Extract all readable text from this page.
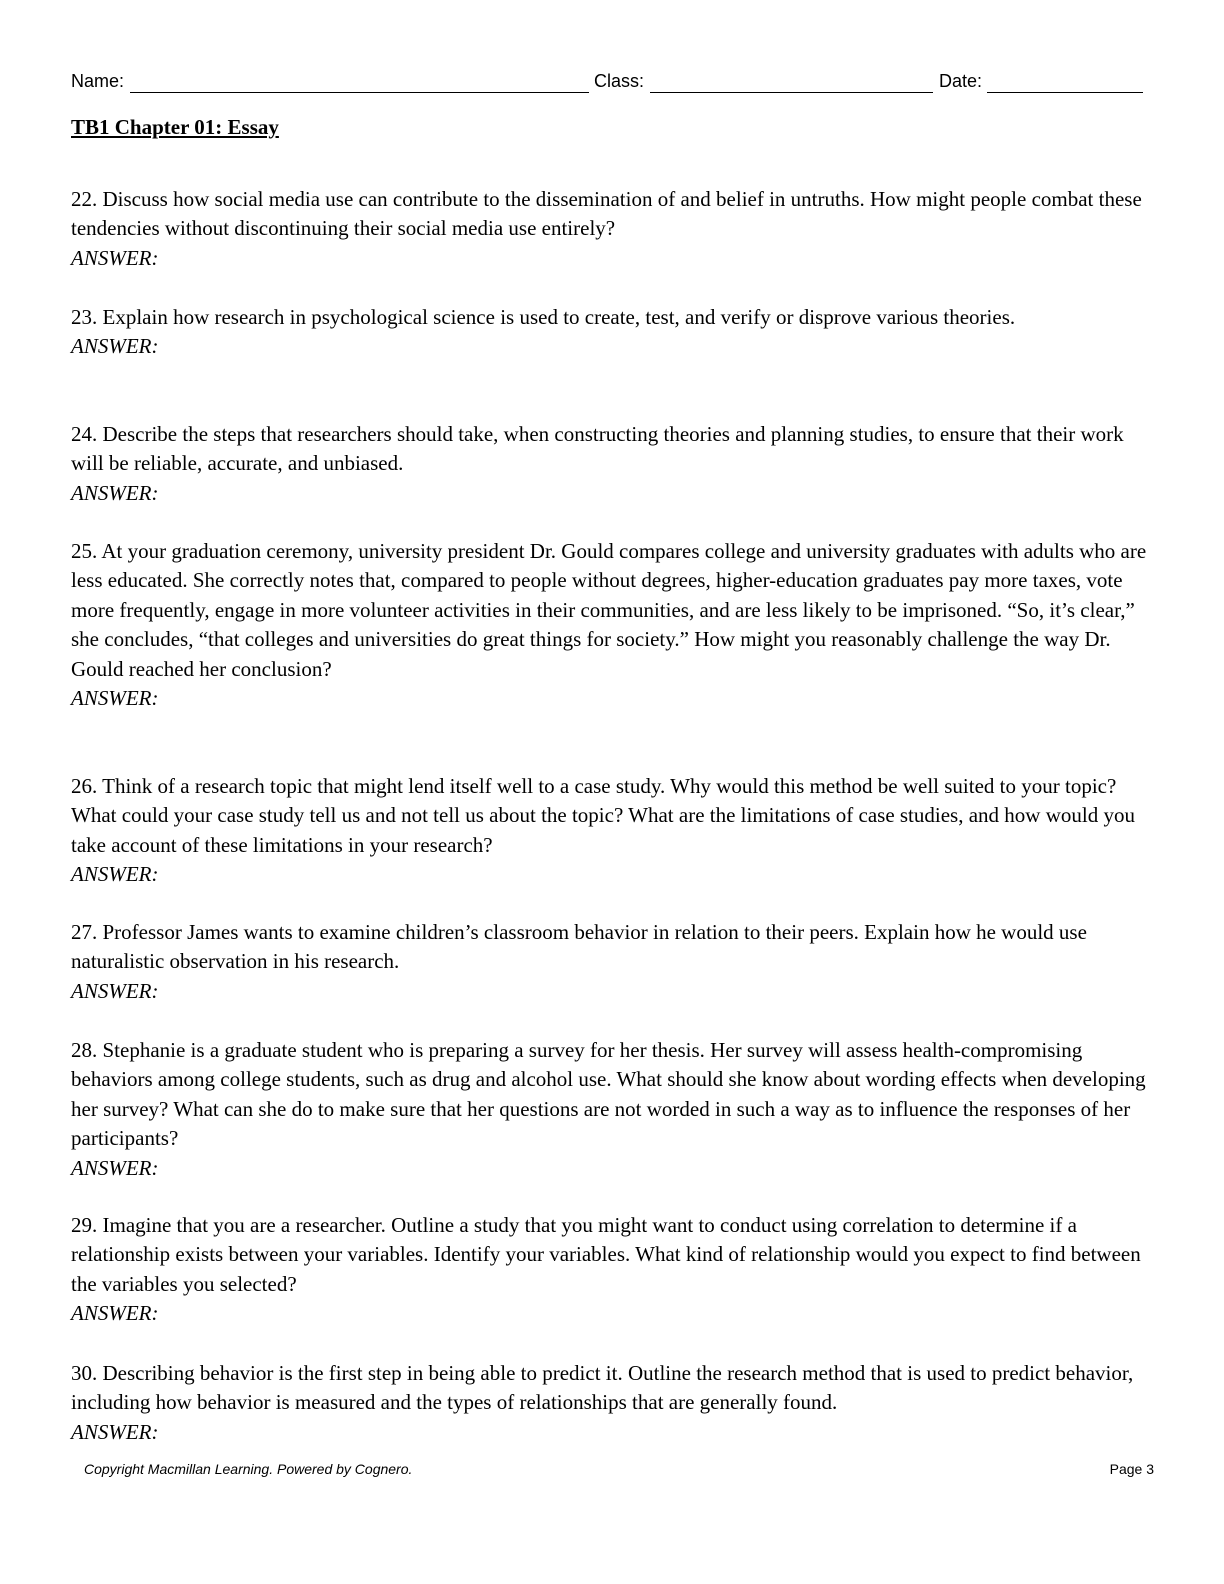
Name:	Class:	Date:
TB1 Chapter 01: Essay
22. Discuss how social media use can contribute to the dissemination of and belief in untruths. How might people combat these tendencies without discontinuing their social media use entirely?
ANSWER:
23. Explain how research in psychological science is used to create, test, and verify or disprove various theories.
ANSWER:
24. Describe the steps that researchers should take, when constructing theories and planning studies, to ensure that their work will be reliable, accurate, and unbiased.
ANSWER:
25. At your graduation ceremony, university president Dr. Gould compares college and university graduates with adults who are less educated. She correctly notes that, compared to people without degrees, higher-education graduates pay more taxes, vote more frequently, engage in more volunteer activities in their communities, and are less likely to be imprisoned. “So, it’s clear,” she concludes, “that colleges and universities do great things for society.” How might you reasonably challenge the way Dr. Gould reached her conclusion?
ANSWER:
26. Think of a research topic that might lend itself well to a case study. Why would this method be well suited to your topic? What could your case study tell us and not tell us about the topic? What are the limitations of case studies, and how would you take account of these limitations in your research?
ANSWER:
27. Professor James wants to examine children’s classroom behavior in relation to their peers. Explain how he would use naturalistic observation in his research.
ANSWER:
28. Stephanie is a graduate student who is preparing a survey for her thesis. Her survey will assess health-compromising behaviors among college students, such as drug and alcohol use. What should she know about wording effects when developing her survey? What can she do to make sure that her questions are not worded in such a way as to influence the responses of her participants?
ANSWER:
29. Imagine that you are a researcher. Outline a study that you might want to conduct using correlation to determine if a relationship exists between your variables. Identify your variables. What kind of relationship would you expect to find between the variables you selected?
ANSWER:
30. Describing behavior is the first step in being able to predict it. Outline the research method that is used to predict behavior, including how behavior is measured and the types of relationships that are generally found.
ANSWER:
Copyright Macmillan Learning. Powered by Cognero.	Page 3
